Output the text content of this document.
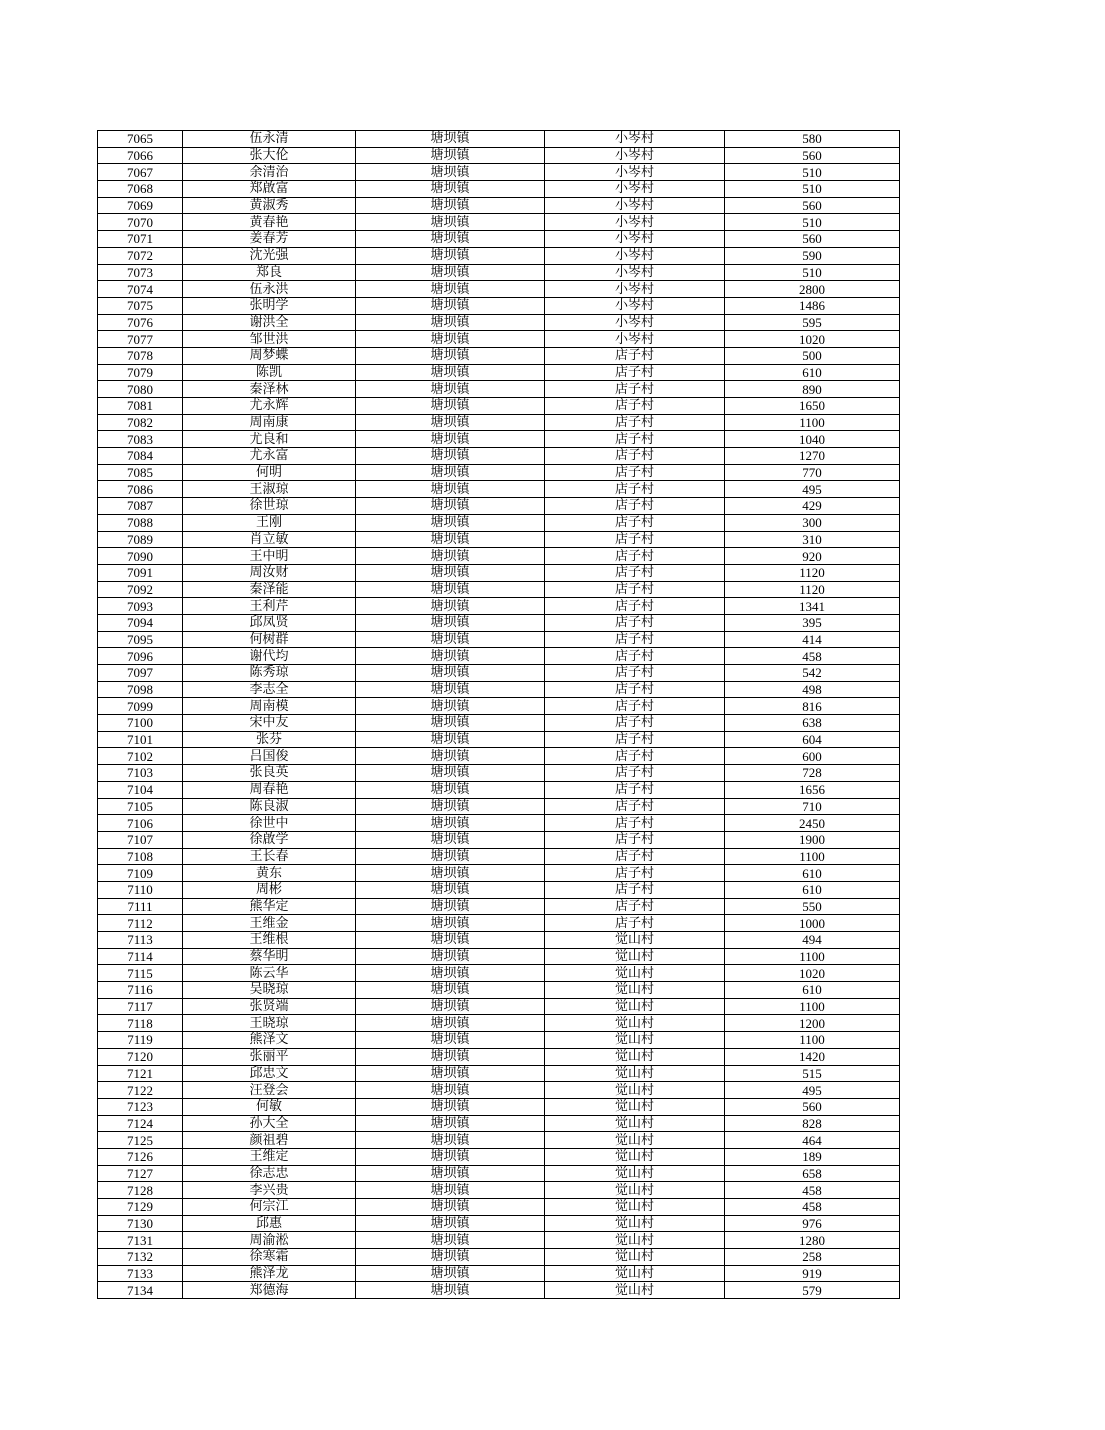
7065	伍永清	塘坝镇	小岑村	580
7066	张大伦	塘坝镇	小岑村	560
7067	余清治	塘坝镇	小岑村	510
7068	郑啟富	塘坝镇	小岑村	510
7069	黄淑秀	塘坝镇	小岑村	560
7070	黄春艳	塘坝镇	小岑村	510
7071	姜春芳	塘坝镇	小岑村	560
7072	沈光强	塘坝镇	小岑村	590
7073	郑良	塘坝镇	小岑村	510
7074	伍永洪	塘坝镇	小岑村	2800
7075	张明学	塘坝镇	小岑村	1486
7076	谢洪全	塘坝镇	小岑村	595
7077	邹世洪	塘坝镇	小岑村	1020
7078	周梦蝶	塘坝镇	店子村	500
7079	陈凯	塘坝镇	店子村	610
7080	秦泽林	塘坝镇	店子村	890
7081	尤永辉	塘坝镇	店子村	1650
7082	周南康	塘坝镇	店子村	1100
7083	尤良和	塘坝镇	店子村	1040
7084	尤永富	塘坝镇	店子村	1270
7085	何明	塘坝镇	店子村	770
7086	王淑琼	塘坝镇	店子村	495
7087	徐世琼	塘坝镇	店子村	429
7088	王刚	塘坝镇	店子村	300
7089	肖立敏	塘坝镇	店子村	310
7090	王中明	塘坝镇	店子村	920
7091	周汝财	塘坝镇	店子村	1120
7092	秦泽能	塘坝镇	店子村	1120
7093	王利芹	塘坝镇	店子村	1341
7094	邱凤贤	塘坝镇	店子村	395
7095	何树群	塘坝镇	店子村	414
7096	谢代均	塘坝镇	店子村	458
7097	陈秀琼	塘坝镇	店子村	542
7098	李志全	塘坝镇	店子村	498
7099	周南模	塘坝镇	店子村	816
7100	宋中友	塘坝镇	店子村	638
7101	张芬	塘坝镇	店子村	604
7102	吕国俊	塘坝镇	店子村	600
7103	张良英	塘坝镇	店子村	728
7104	周春艳	塘坝镇	店子村	1656
7105	陈良淑	塘坝镇	店子村	710
7106	徐世中	塘坝镇	店子村	2450
7107	徐啟学	塘坝镇	店子村	1900
7108	王长春	塘坝镇	店子村	1100
7109	黄东	塘坝镇	店子村	610
7110	周彬	塘坝镇	店子村	610
7111	熊华定	塘坝镇	店子村	550
7112	王维金	塘坝镇	店子村	1000
7113	王维根	塘坝镇	觉山村	494
7114	蔡华明	塘坝镇	觉山村	1100
7115	陈云华	塘坝镇	觉山村	1020
7116	吴晓琼	塘坝镇	觉山村	610
7117	张贤端	塘坝镇	觉山村	1100
7118	王晓琼	塘坝镇	觉山村	1200
7119	熊泽文	塘坝镇	觉山村	1100
7120	张丽平	塘坝镇	觉山村	1420
7121	邱忠文	塘坝镇	觉山村	515
7122	汪登会	塘坝镇	觉山村	495
7123	何敏	塘坝镇	觉山村	560
7124	孙大全	塘坝镇	觉山村	828
7125	颜祖碧	塘坝镇	觉山村	464
7126	王维定	塘坝镇	觉山村	189
7127	徐志忠	塘坝镇	觉山村	658
7128	李兴贵	塘坝镇	觉山村	458
7129	何宗江	塘坝镇	觉山村	458
7130	邱惠	塘坝镇	觉山村	976
7131	周渝淞	塘坝镇	觉山村	1280
7132	徐寒霜	塘坝镇	觉山村	258
7133	熊泽龙	塘坝镇	觉山村	919
7134	郑德海	塘坝镇	觉山村	579
